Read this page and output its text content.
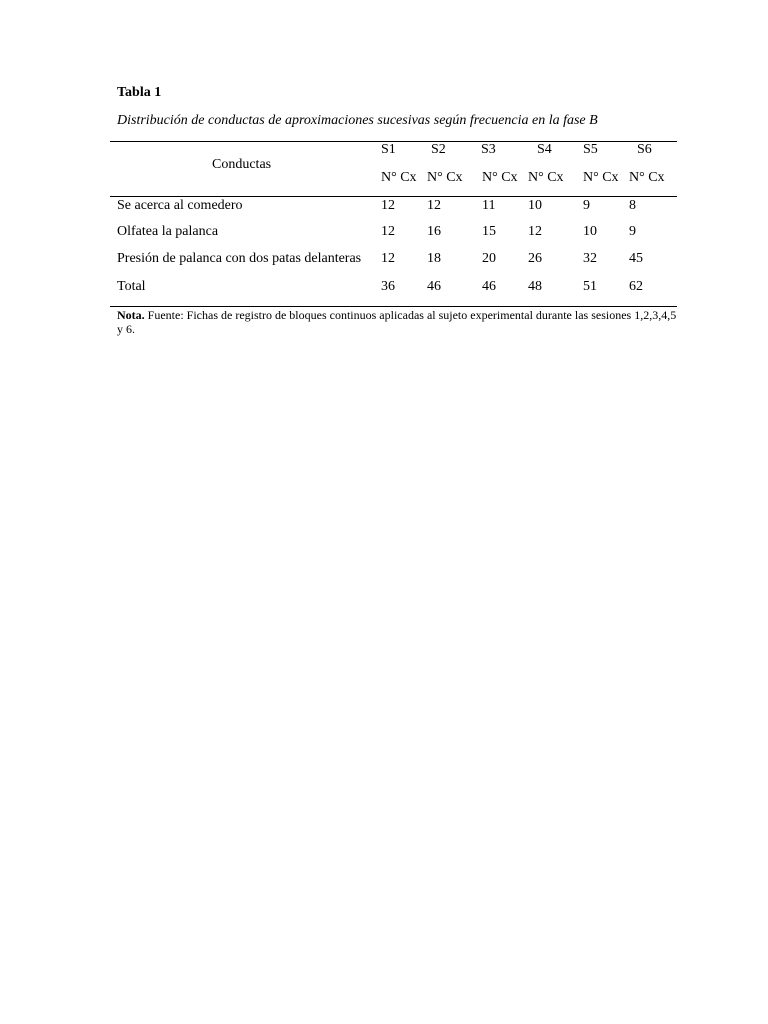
Tabla 1
Distribución de conductas de aproximaciones sucesivas según frecuencia en la fase B
Conductas
S1	S2	S3	S4 S5	S6
N° Cx N° Cx N° Cx N° Cx N° Cx N° Cx
Se acerca al comedero	12 12	11 10	9	8
Olfatea la palanca	12 16	15 12	10 9
Presión de palanca con dos patas delanteras 12 18	20 26	32 45
Total	36 46	46 48	51 62
Nota. Fuente: Fichas de registro de bloques continuos aplicadas al sujeto experimental durante las sesiones 1,2,3,4,5 y 6.
